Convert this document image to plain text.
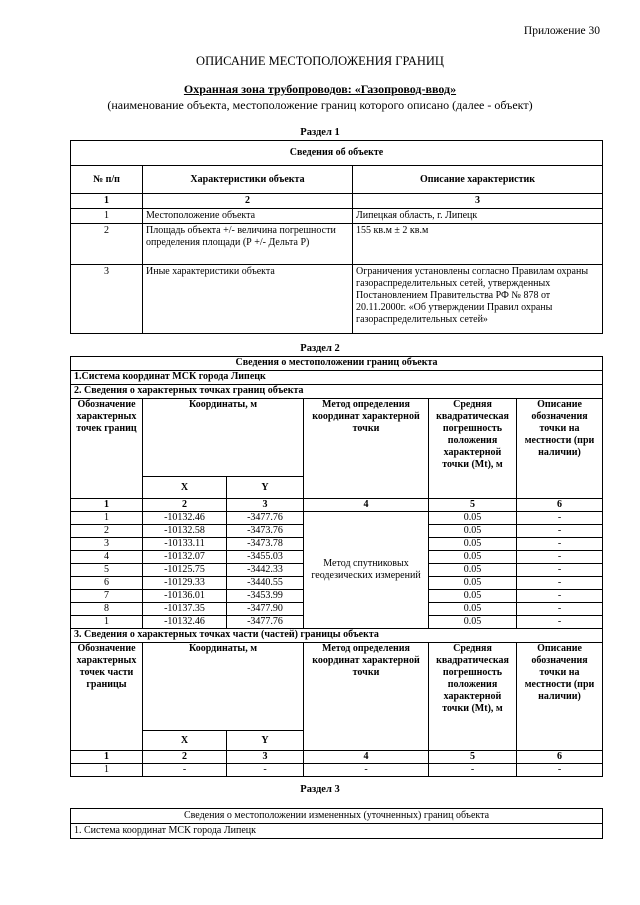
Приложение 30
ОПИСАНИЕ МЕСТОПОЛОЖЕНИЯ ГРАНИЦ
Охранная зона трубопроводов: «Газопровод-ввод»
(наименование объекта, местоположение границ которого описано (далее - объект)
Раздел 1
Сведения об объекте		
№ п/п	Характеристики объекта	Описание характеристик
1	2	3
1	Местоположение объекта	Липецкая область, г. Липецк
2	Площадь объекта +/- величина погрешности определения площади (Р +/- Дельта Р)	155 кв.м ± 2 кв.м
3	Иные характеристики объекта	Ограничения установлены согласно Правилам охраны газораспределительных сетей, утвержденных Постановлением Правительства РФ № 878 от 20.11.2000г. «Об утверждении Правил охраны газораспределительных сетей»
Раздел 2
Сведения о местоположении границ объекта					
1.Система координат МСК города Липецк					
2. Сведения о характерных точках границ объекта					
Обозначение характерных точек границ	Координаты, м		Метод определения координат характерной точки	Средняя квадратическая погрешность положения характерной точки (Mt), м	Описание обозначения точки на местности (при наличии)
	X	Y			
1	2	3	4	5	6
1	-10132.46	-3477.76	Метод спутниковых геодезических измерений	0.05	-
2	-10132.58	-3473.76		0.05	-
3	-10133.11	-3473.78		0.05	-
4	-10132.07	-3455.03		0.05	-
5	-10125.75	-3442.33		0.05	-
6	-10129.33	-3440.55		0.05	-
7	-10136.01	-3453.99		0.05	-
8	-10137.35	-3477.90		0.05	-
1	-10132.46	-3477.76		0.05	-
3. Сведения о характерных точках части (частей) границы объекта					
Обозначение характерных точек части границы	Координаты, м		Метод определения координат характерной точки	Средняя квадратическая погрешность положения характерной точки (Mt), м	Описание обозначения точки на местности (при наличии)
	X	Y			
1	2	3	4	5	6
1	-	-	-	-	-
Раздел 3
Сведения о местоположении измененных (уточненных) границ объекта
1. Система координат МСК города Липецк
